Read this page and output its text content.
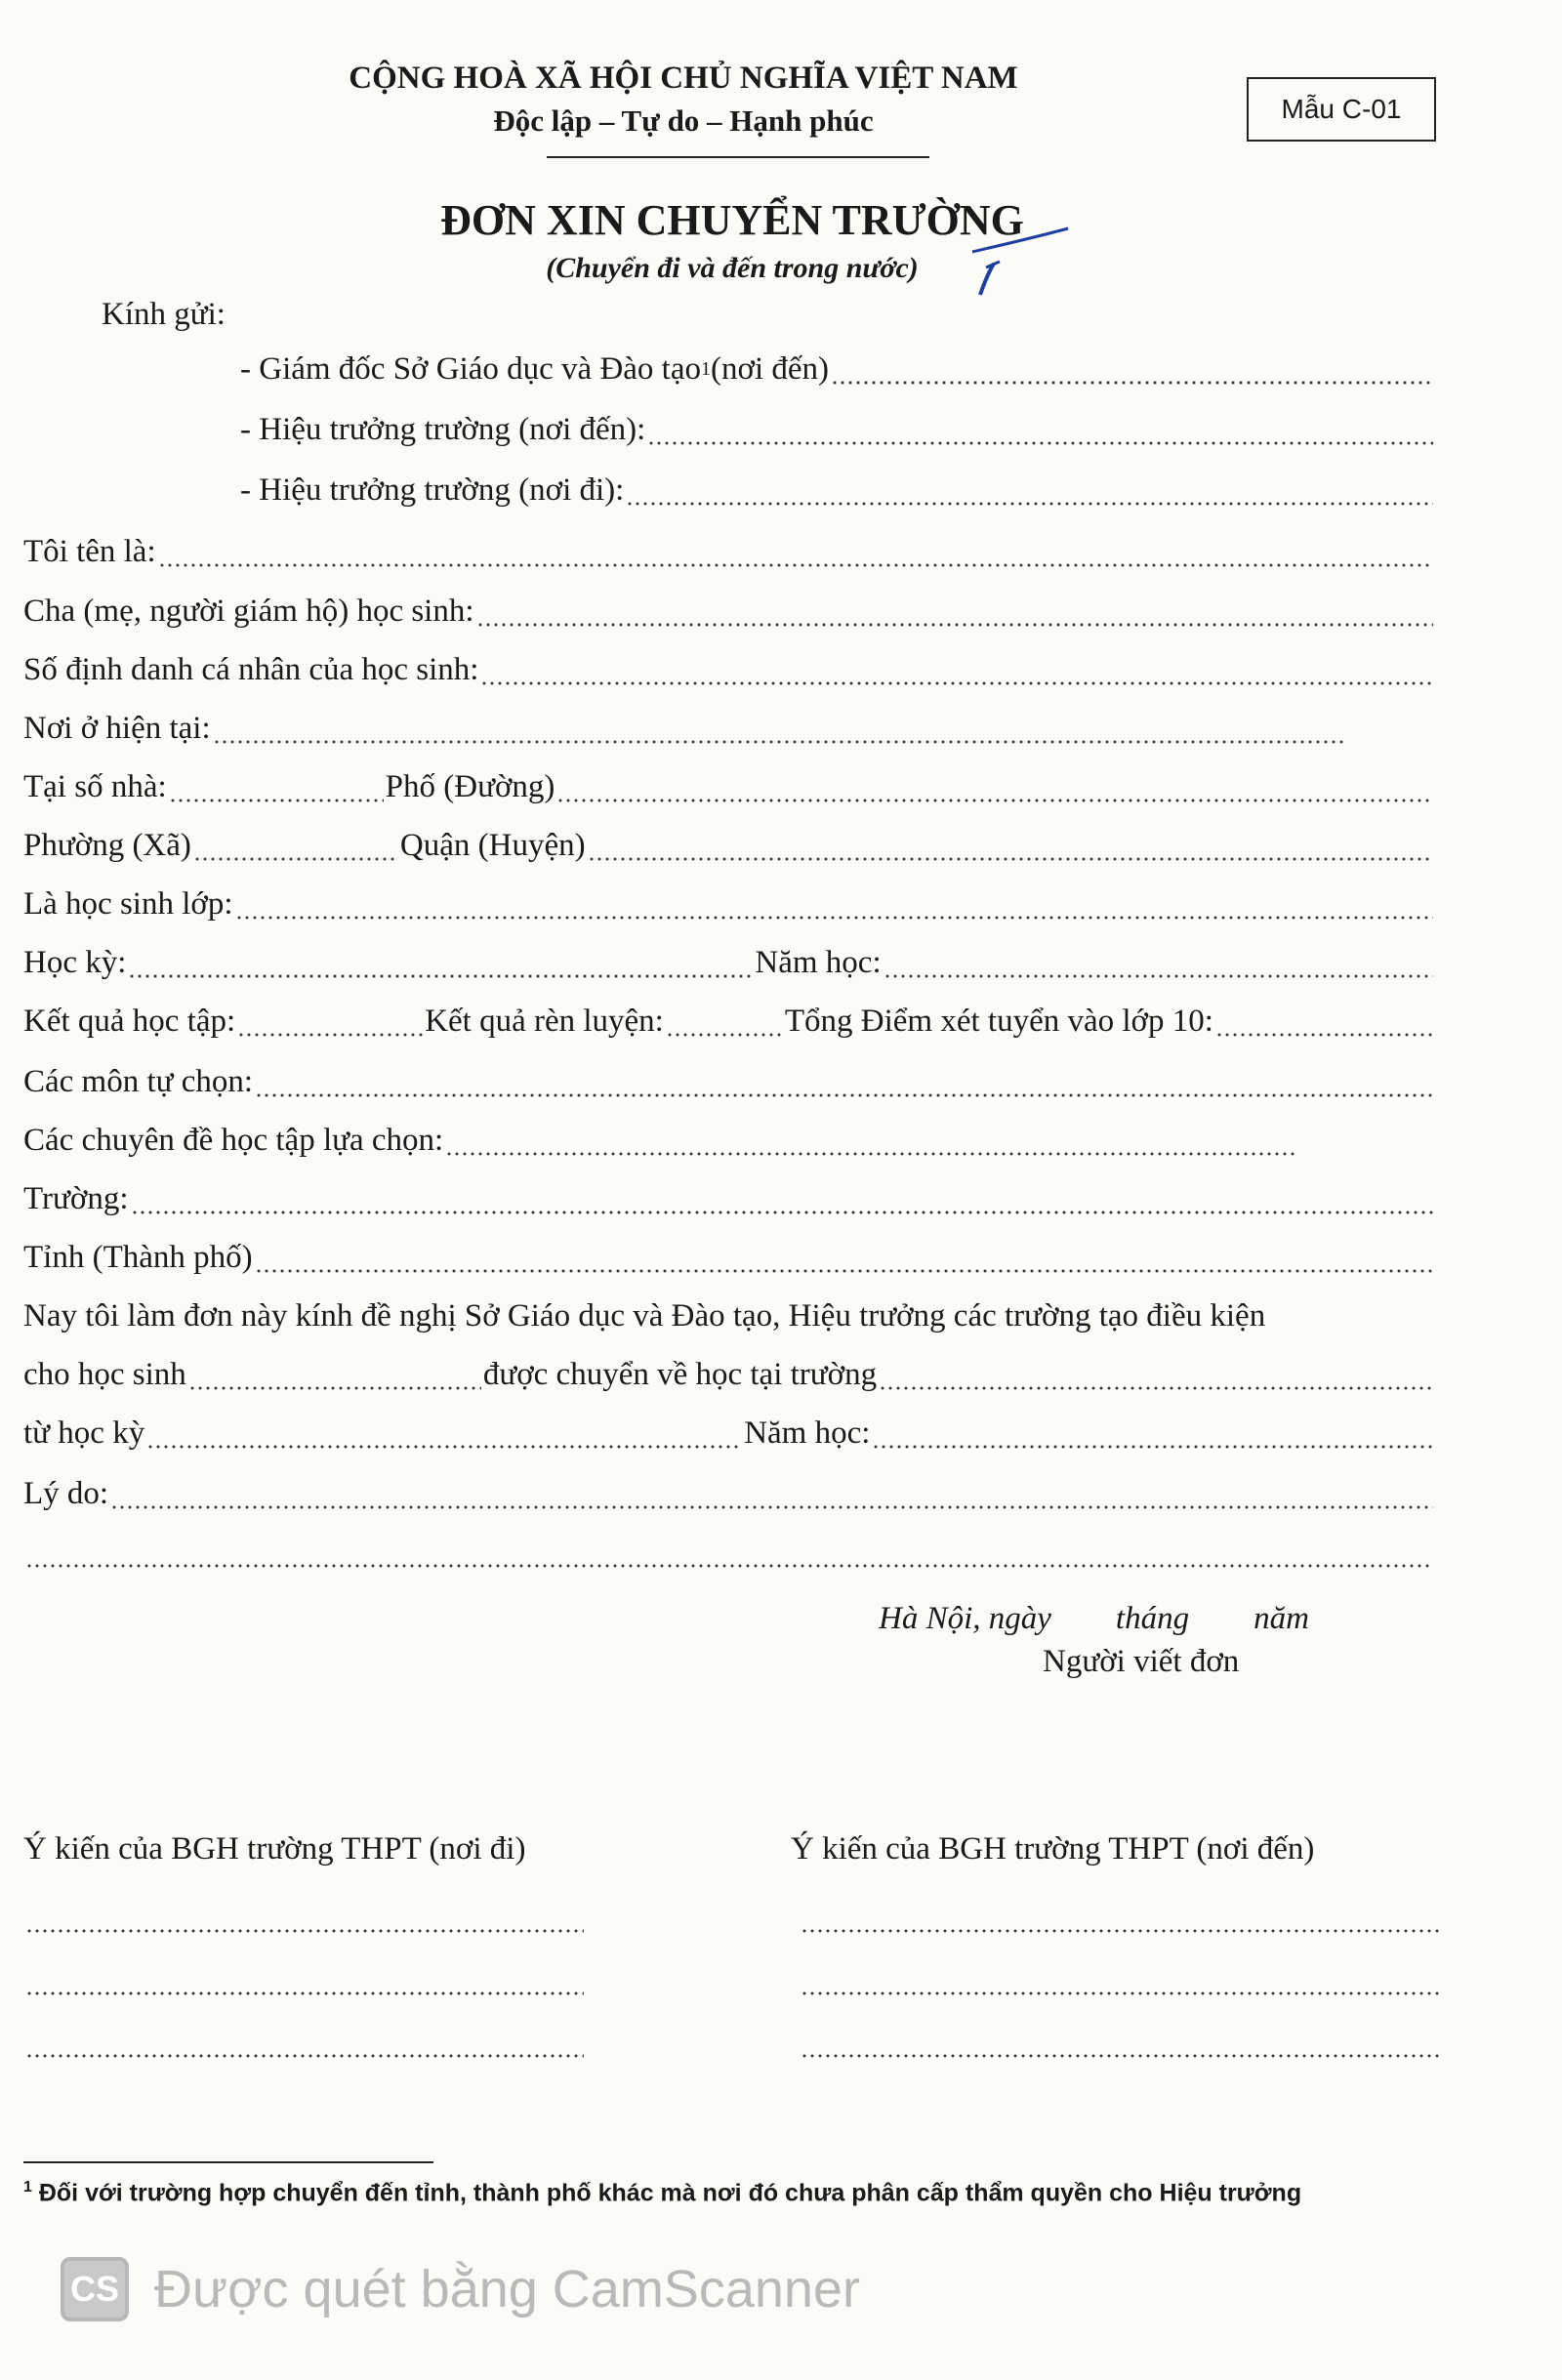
CỘNG HOÀ XÃ HỘI CHỦ NGHĨA VIỆT NAM
Độc lập – Tự do – Hạnh phúc	Mẫu C-01
ĐƠN XIN CHUYỂN TRƯỜNG
(Chuyển đi và đến trong nước)
Kính gửi:
- Giám đốc Sở Giáo dục và Đào tạo 1 (nơi đến)
- Hiệu trưởng trường (nơi đến):
- Hiệu trưởng trường (nơi đi):
Tôi tên là:
Cha (mẹ, người giám hộ) học sinh:
Số định danh cá nhân của học sinh:
Nơi ở hiện tại:
Tại số nhà:	Phố (Đường)
Phường (Xã)	Quận (Huyện)
Là học sinh lớp:
Học kỳ:	Năm học:
Kết quả học tập:	Kết quả rèn luyện:	Tổng Điểm xét tuyển vào lớp 10:
Các môn tự chọn:
Các chuyên đề học tập lựa chọn:
Trường:
Tỉnh (Thành phố)
Nay tôi làm đơn này kính đề nghị Sở Giáo dục và Đào tạo, Hiệu trưởng các trường tạo điều kiện
cho học sinh	được chuyển về học tại trường
từ học kỳ	Năm học:
Lý do:
Hà Nội, ngày        tháng        năm
Người viết đơn
Ý kiến của BGH trường THPT (nơi đi)	Ý kiến của BGH trường THPT (nơi đến)
$^1$ Đối với trường hợp chuyển đến tỉnh, thành phố khác mà nơi đó chưa phân cấp thẩm quyền cho Hiệu trưởng
CS Được quét bằng CamScanner
